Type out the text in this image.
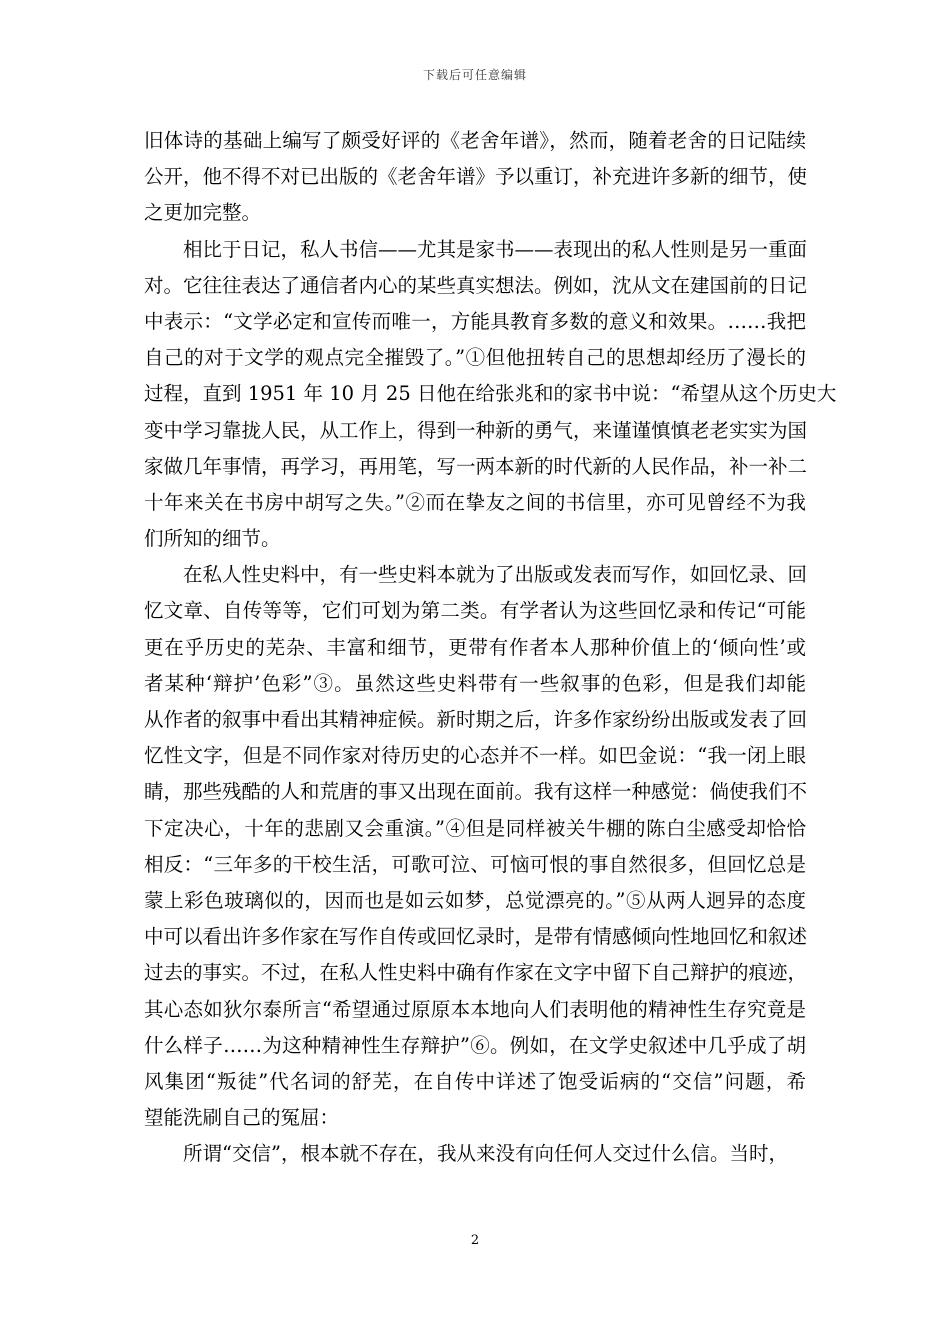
下载后可任意编辑
旧体诗的基础上编写了颇受好评的《老舍年谱》，然而，随着老舍的日记陆续
公开，他不得不对已出版的《老舍年谱》予以重订，补充进许多新的细节，使
之更加完整。
相比于日记，私人书信——尤其是家书——表现出的私人性则是另一重面
对。它往往表达了通信者内心的某些真实想法。例如，沈从文在建国前的日记
中表示：“文学必定和宣传而唯一，方能具教育多数的意义和效果。……我把
自己的对于文学的观点完全摧毁了。”①但他扭转自己的思想却经历了漫长的
过程，直到 1951 年 10 月 25 日他在给张兆和的家书中说：“希望从这个历史大
变中学习靠拢人民，从工作上，得到一种新的勇气，来谨谨慎慎老老实实为国
家做几年事情，再学习，再用笔，写一两本新的时代新的人民作品，补一补二
十年来关在书房中胡写之失。”②而在挚友之间的书信里，亦可见曾经不为我
们所知的细节。
在私人性史料中，有一些史料本就为了出版或发表而写作，如回忆录、回
忆文章、自传等等，它们可划为第二类。有学者认为这些回忆录和传记“可能
更在乎历史的芜杂、丰富和细节，更带有作者本人那种价值上的‘倾向性’或
者某种‘辩护’色彩”③。虽然这些史料带有一些叙事的色彩，但是我们却能
从作者的叙事中看出其精神症候。新时期之后，许多作家纷纷出版或发表了回
忆性文字，但是不同作家对待历史的心态并不一样。如巴金说：“我一闭上眼
睛，那些残酷的人和荒唐的事又出现在面前。我有这样一种感觉：倘使我们不
下定决心，十年的悲剧又会重演。”④但是同样被关牛棚的陈白尘感受却恰恰
相反：“三年多的干校生活，可歌可泣、可恼可恨的事自然很多，但回忆总是
蒙上彩色玻璃似的，因而也是如云如梦，总觉漂亮的。”⑤从两人迥异的态度
中可以看出许多作家在写作自传或回忆录时，是带有情感倾向性地回忆和叙述
过去的事实。不过，在私人性史料中确有作家在文字中留下自己辩护的痕迹，
其心态如狄尔泰所言“希望通过原原本本地向人们表明他的精神性生存究竟是
什么样子……为这种精神性生存辩护”⑥。例如，在文学史叙述中几乎成了胡
风集团“叛徒”代名词的舒芜，在自传中详述了饱受诟病的“交信”问题，希
望能洗刷自己的冤屈：
所谓“交信”，根本就不存在，我从来没有向任何人交过什么信。当时，
2
